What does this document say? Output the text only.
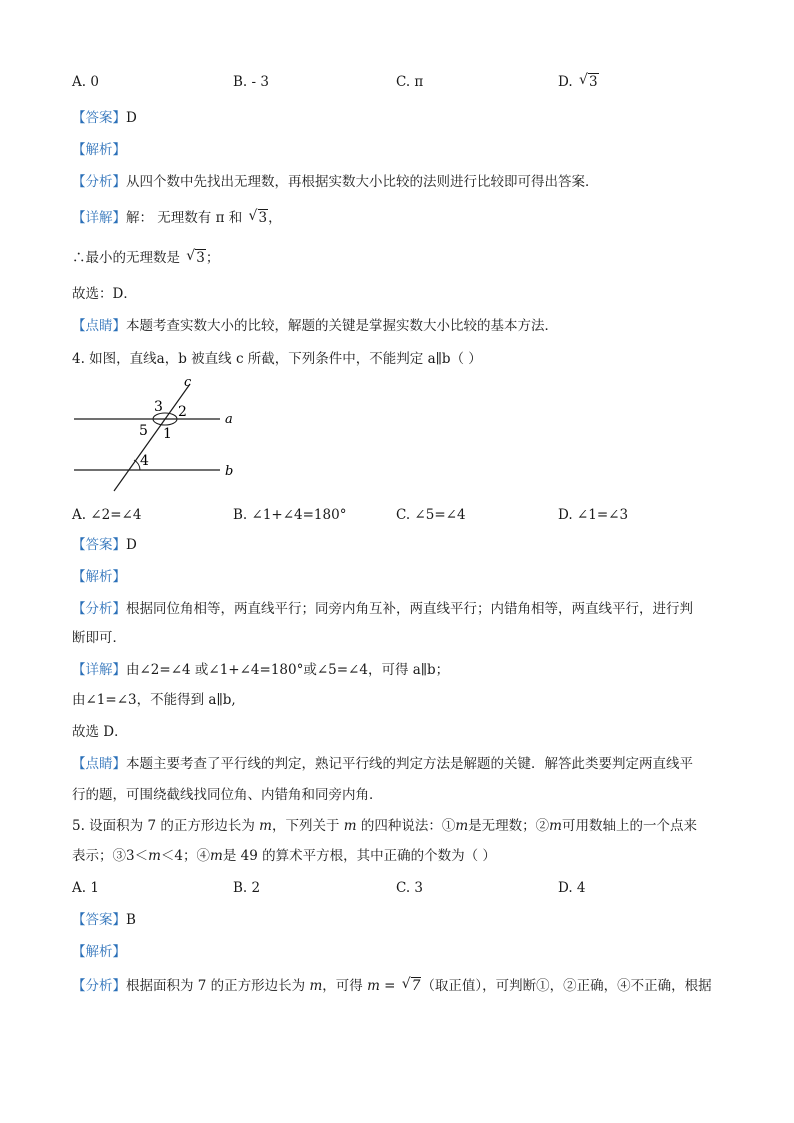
A. 0	B. - 3	C. π	D. √ 3
【答案】D
【解析】
【分析】从四个数中先找出无理数，再根据实数大小比较的法则进行比较即可得出答案．
【详解】解： 无理数有 π 和 √ 3，
∴最小的无理数是 √ 3；
故选：D．
【点睛】本题考查实数大小的比较，解题的关键是掌握实数大小比较的基本方法．
4. 如图，直线a，b 被直线 c 所截，下列条件中，不能判定 a∥b（ ）
c
a
b
3 2
5 1
4
A. ∠2=∠4	B. ∠1+∠4=180°	C. ∠5=∠4	D. ∠1=∠3
【答案】D
【解析】
【分析】根据同位角相等，两直线平行；同旁内角互补，两直线平行；内错角相等，两直线平行，进行判
断即可．
【详解】由∠2=∠4 或∠1+∠4=180°或∠5=∠4，可得 a∥b；
由∠1=∠3，不能得到 a∥b,
故选 D．
【点睛】本题主要考查了平行线的判定，熟记平行线的判定方法是解题的关键．解答此类要判定两直线平
行的题，可围绕截线找同位角、内错角和同旁内角．
5. 设面积为 7 的正方形边长为 m，下列关于 m 的四种说法：①m是无理数；②m可用数轴上的一个点来
表示；③3＜m＜4；④m是 49 的算术平方根，其中正确的个数为（ ）
A. 1	B. 2	C. 3	D. 4
【答案】B
【解析】
【分析】根据面积为 7 的正方形边长为 m，可得 m = √ 7（取正值），可判断①，②正确，④不正确，根据
